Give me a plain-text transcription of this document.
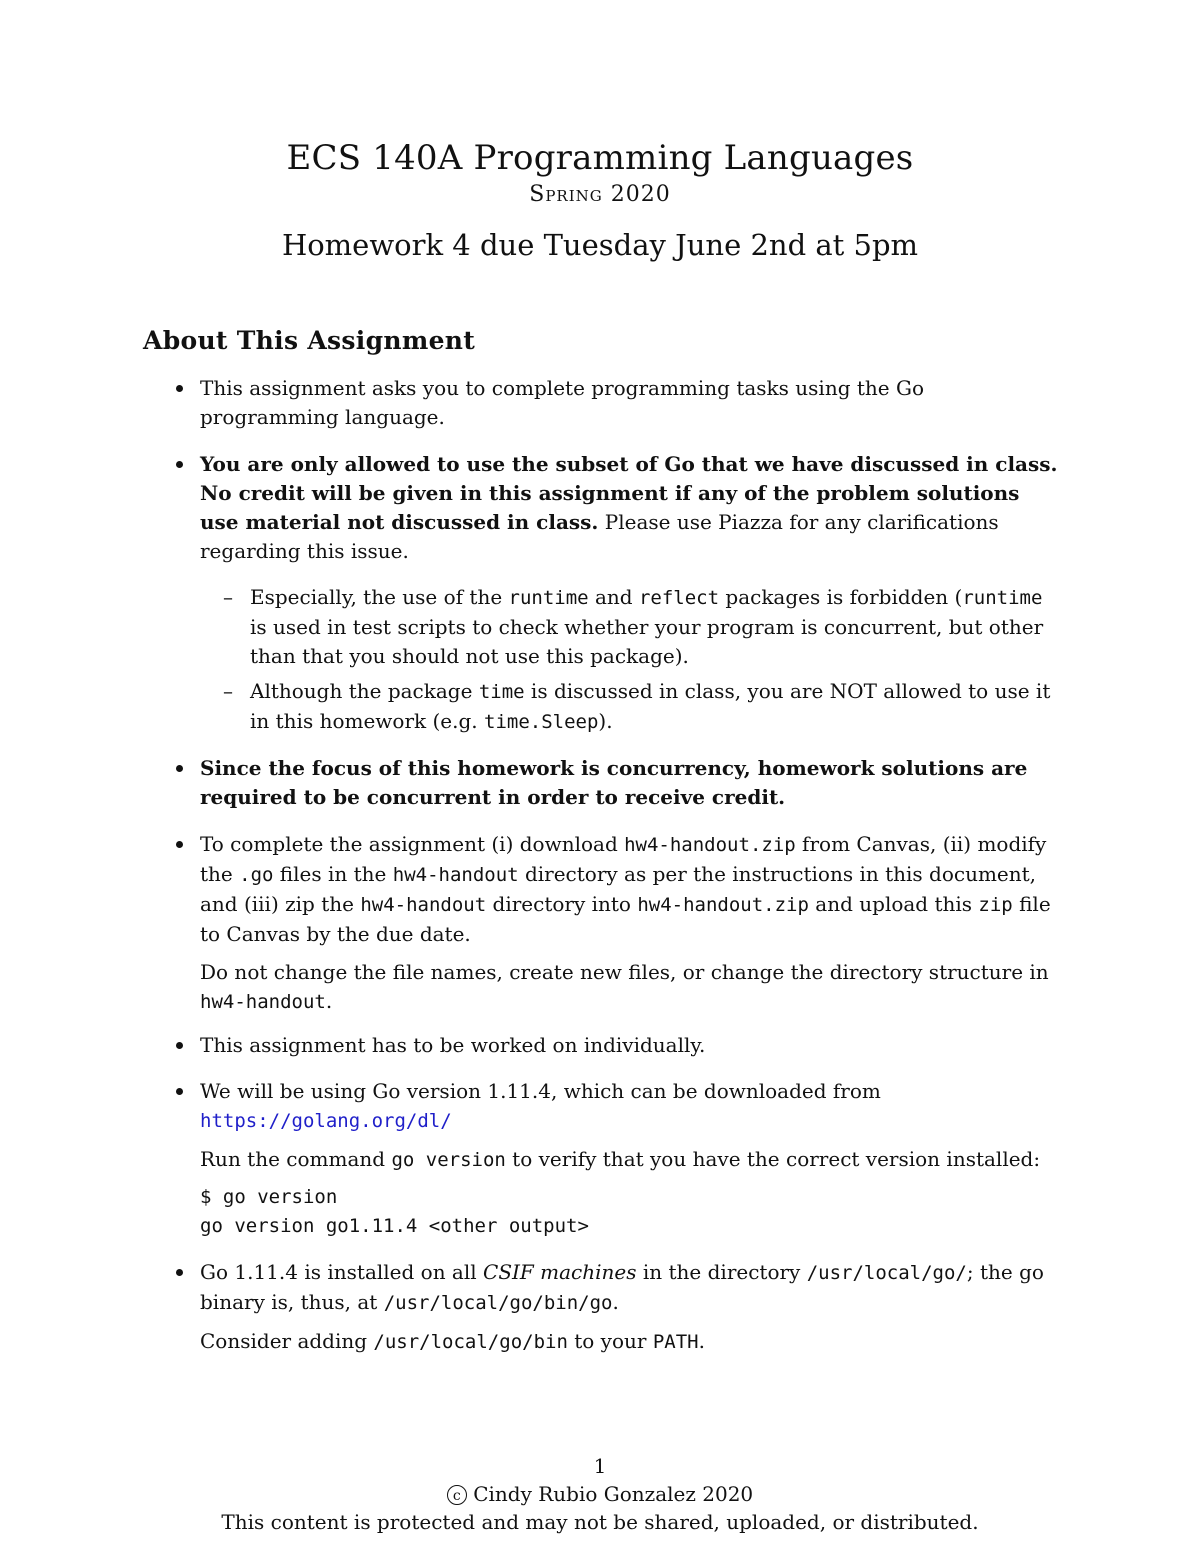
ECS 140A Programming Languages
Spring 2020
Homework 4 due Tuesday June 2nd at 5pm
About This Assignment

This assignment asks you to complete programming tasks using the Go programming language.

You are only allowed to use the subset of Go that we have discussed in class. No credit will be given in this assignment if any of the problem solutions use material not discussed in class. Please use Piazza for any clarifications regarding this issue.

– Especially, the use of the runtime and reflect packages is forbidden (runtime is used in test scripts to check whether your program is concurrent, but other than that you should not use this package).
– Although the package time is discussed in class, you are NOT allowed to use it in this homework (e.g. time.Sleep).

Since the focus of this homework is concurrency, homework solutions are required to be concurrent in order to receive credit.

To complete the assignment (i) download hw4-handout.zip from Canvas, (ii) modify the .go files in the hw4-handout directory as per the instructions in this document, and (iii) zip the hw4-handout directory into hw4-handout.zip and upload this zip file to Canvas by the due date.

Do not change the file names, create new files, or change the directory structure in hw4-handout.

This assignment has to be worked on individually.

We will be using Go version 1.11.4, which can be downloaded from
https://golang.org/dl/

Run the command go version to verify that you have the correct version installed:

$ go version
go version go1.11.4 <other output>

Go 1.11.4 is installed on all CSIF machines in the directory /usr/local/go/; the go binary is, thus, at /usr/local/go/bin/go.

Consider adding /usr/local/go/bin to your PATH.

1
c Cindy Rubio Gonzalez 2020
This content is protected and may not be shared, uploaded, or distributed.
